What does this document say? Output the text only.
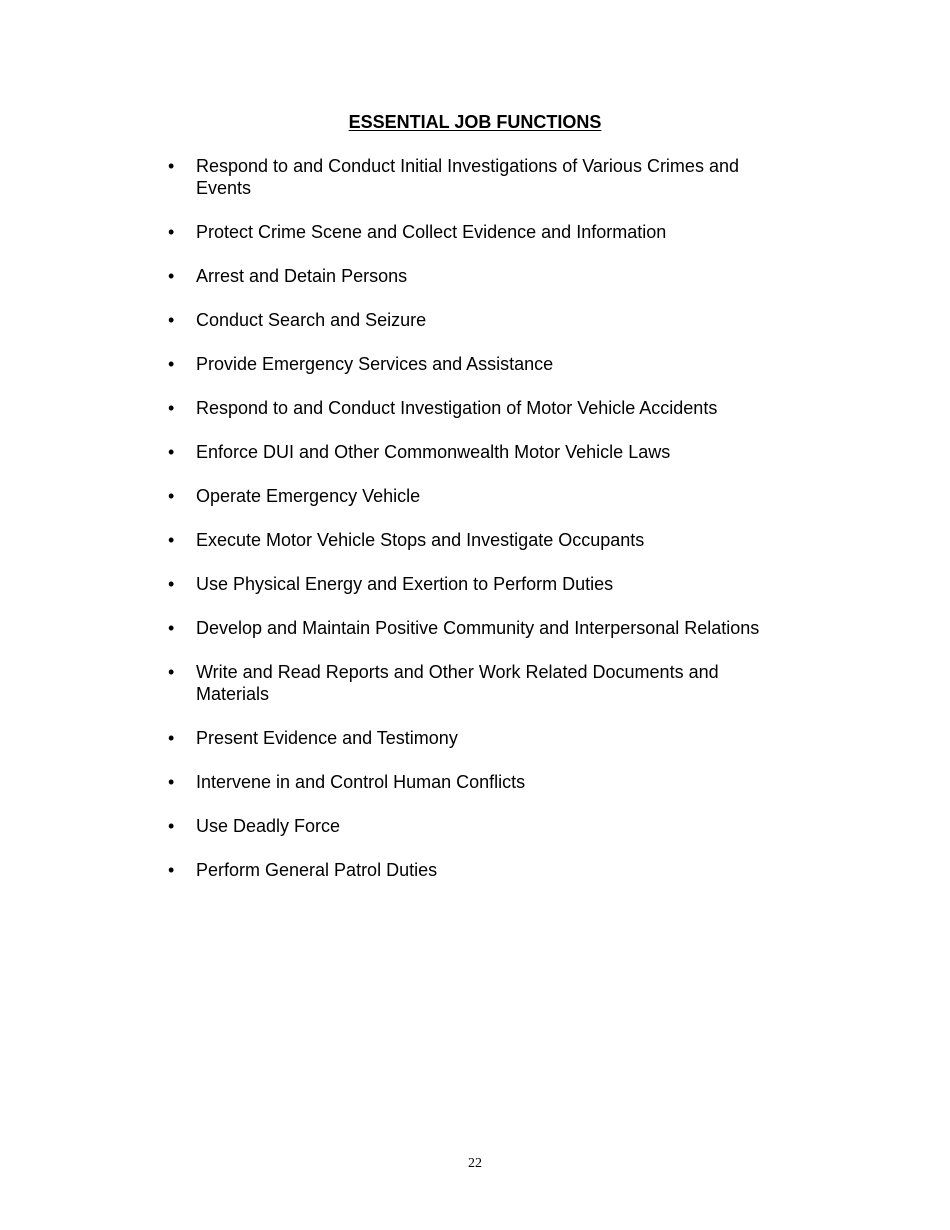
ESSENTIAL JOB FUNCTIONS
•	Respond to and Conduct Initial Investigations of Various Crimes and Events
•	Protect Crime Scene and Collect Evidence and Information
•	Arrest and Detain Persons
•	Conduct Search and Seizure
•	Provide Emergency Services and Assistance
•	Respond to and Conduct Investigation of Motor Vehicle Accidents
•	Enforce DUI and Other Commonwealth Motor Vehicle Laws
•	Operate Emergency Vehicle
•	Execute Motor Vehicle Stops and Investigate Occupants
•	Use Physical Energy and Exertion to Perform Duties
•	Develop and Maintain Positive Community and Interpersonal Relations
•	Write and Read Reports and Other Work Related Documents and Materials
•	Present Evidence and Testimony
•	Intervene in and Control Human Conflicts
•	Use Deadly Force
•	Perform General Patrol Duties
22
